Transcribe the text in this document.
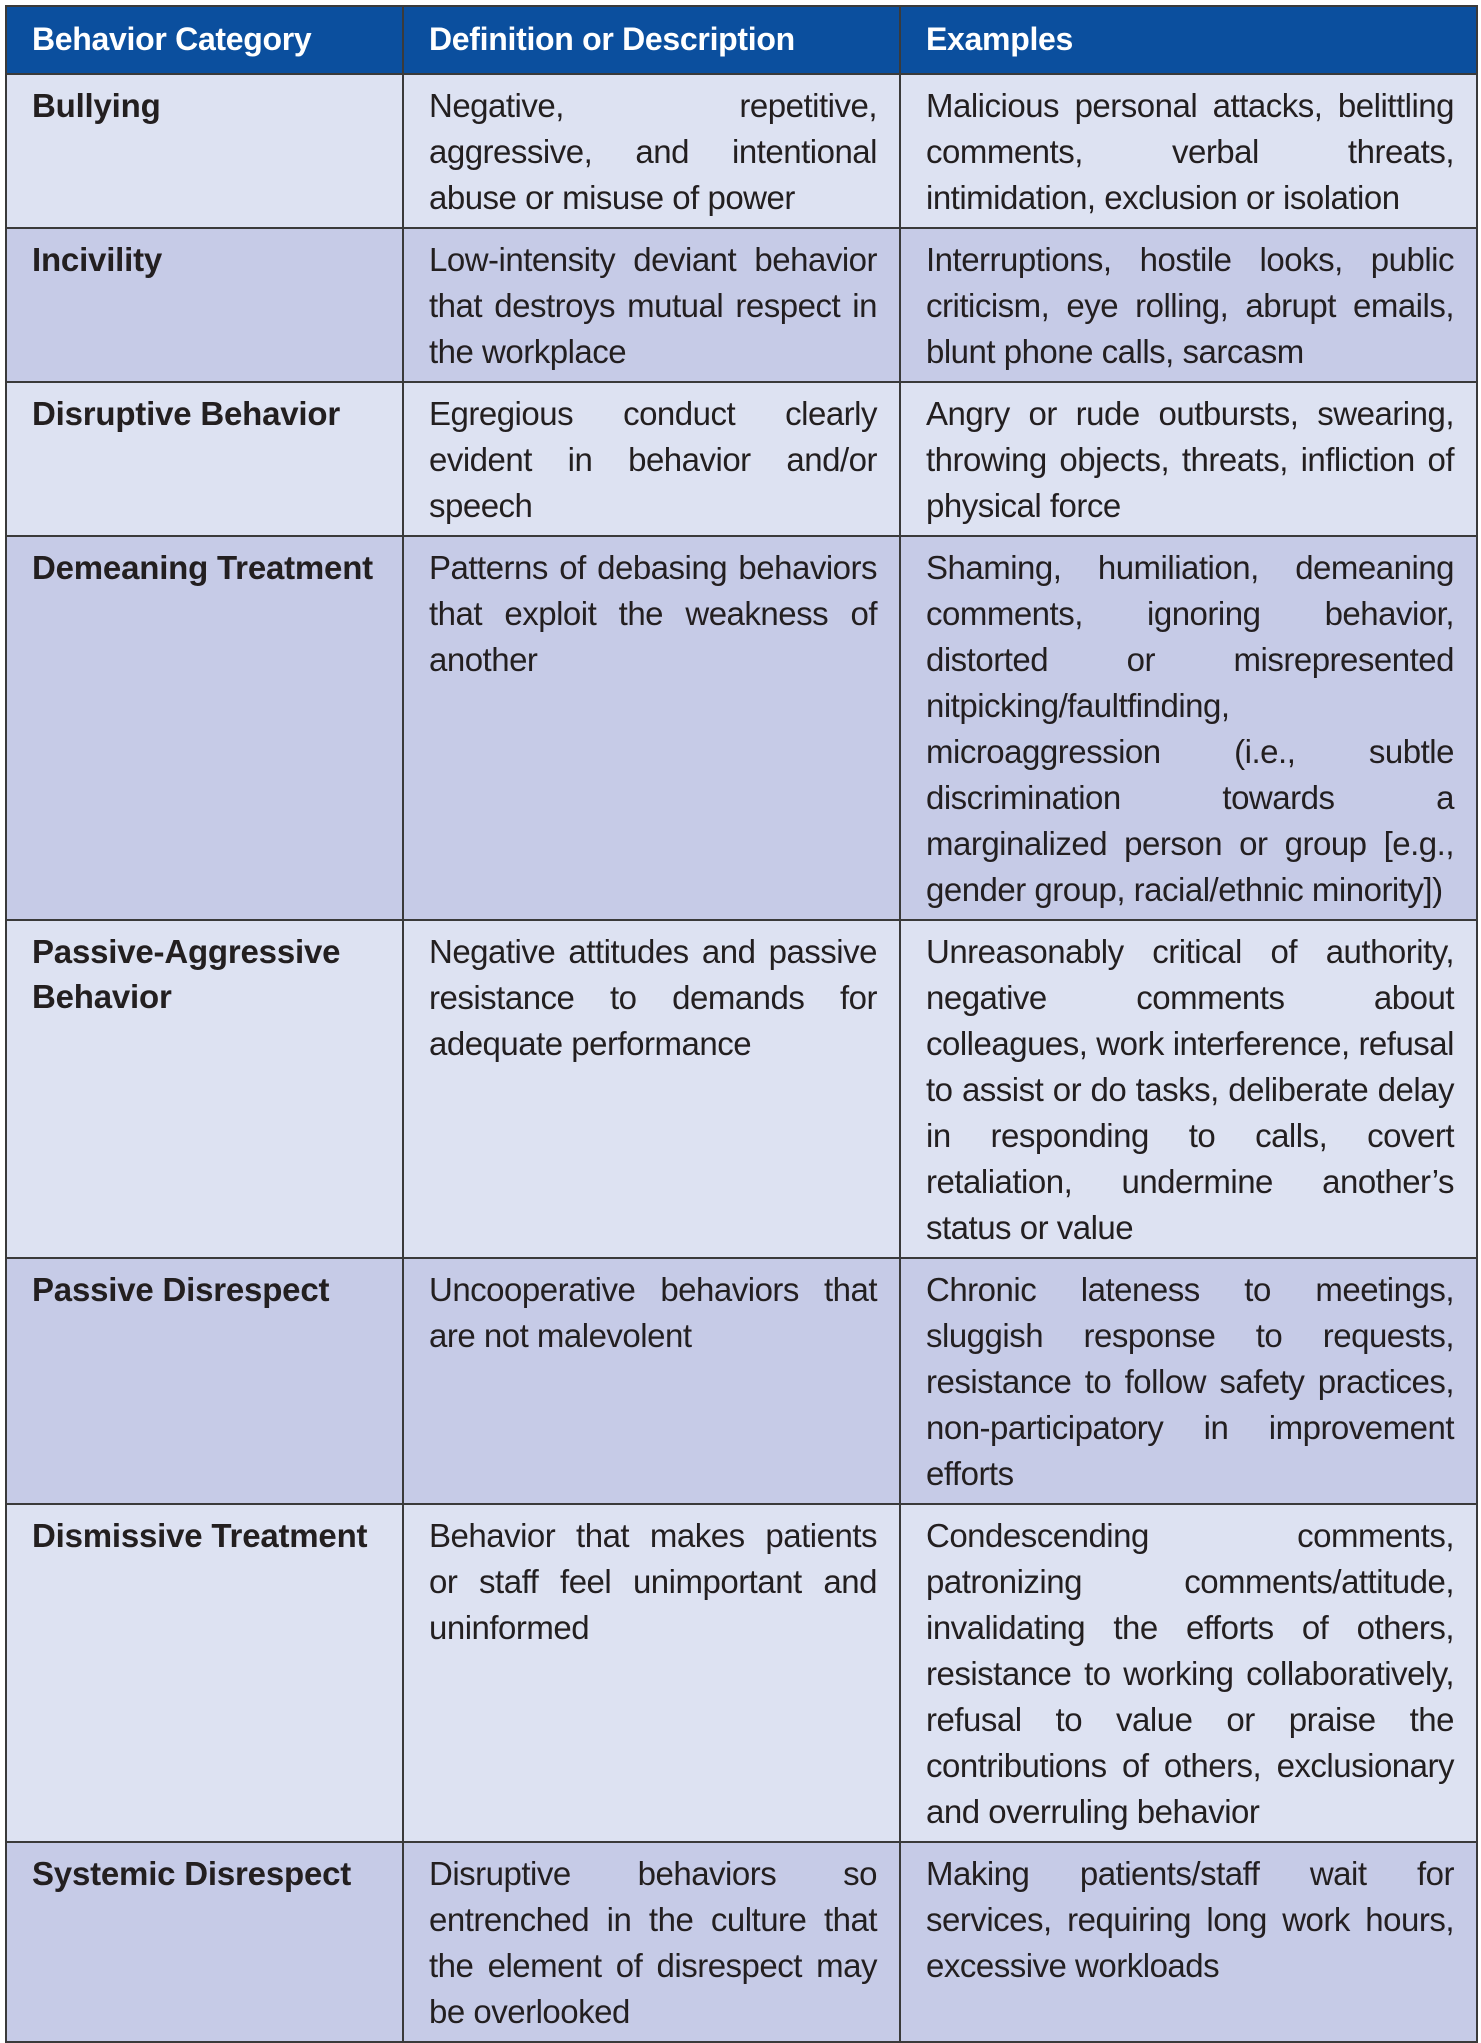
Behavior Category	Definition or Description	Examples
Bullying	Negative, repetitive, aggressive, and intentional abuse or misuse of power	Malicious personal attacks, belittling comments, verbal threats, intimidation, exclusion or isolation
Incivility	Low-intensity deviant behavior that destroys mutual respect in the workplace	Interruptions, hostile looks, public criticism, eye rolling, abrupt emails, blunt phone calls, sarcasm
Disruptive Behavior	Egregious conduct clearly evident in behavior and/or speech	Angry or rude outbursts, swearing, throwing objects, threats, infliction of physical force
Demeaning Treatment	Patterns of debasing behaviors that exploit the weakness of another	Shaming, humiliation, demeaning comments, ignoring behavior, distorted or misrepresented nitpicking/faultfinding, microaggression (i.e., subtle discrimination towards a marginalized person or group [e.g., gender group, racial/ethnic minority])
Passive-Aggressive Behavior	Negative attitudes and passive resistance to demands for adequate performance	Unreasonably critical of authority, negative comments about colleagues, work interference, refusal to assist or do tasks, deliberate delay in responding to calls, covert retaliation, undermine another’s status or value
Passive Disrespect	Uncooperative behaviors that are not malevolent	Chronic lateness to meetings, sluggish response to requests, resistance to follow safety practices, non-participatory in improvement efforts
Dismissive Treatment	Behavior that makes patients or staff feel unimportant and uninformed	Condescending comments, patronizing comments/attitude, invalidating the efforts of others, resistance to working collaboratively, refusal to value or praise the contributions of others, exclusionary and overruling behavior
Systemic Disrespect	Disruptive behaviors so entrenched in the culture that the element of disrespect may be overlooked	Making patients/staff wait for services, requiring long work hours, excessive workloads
